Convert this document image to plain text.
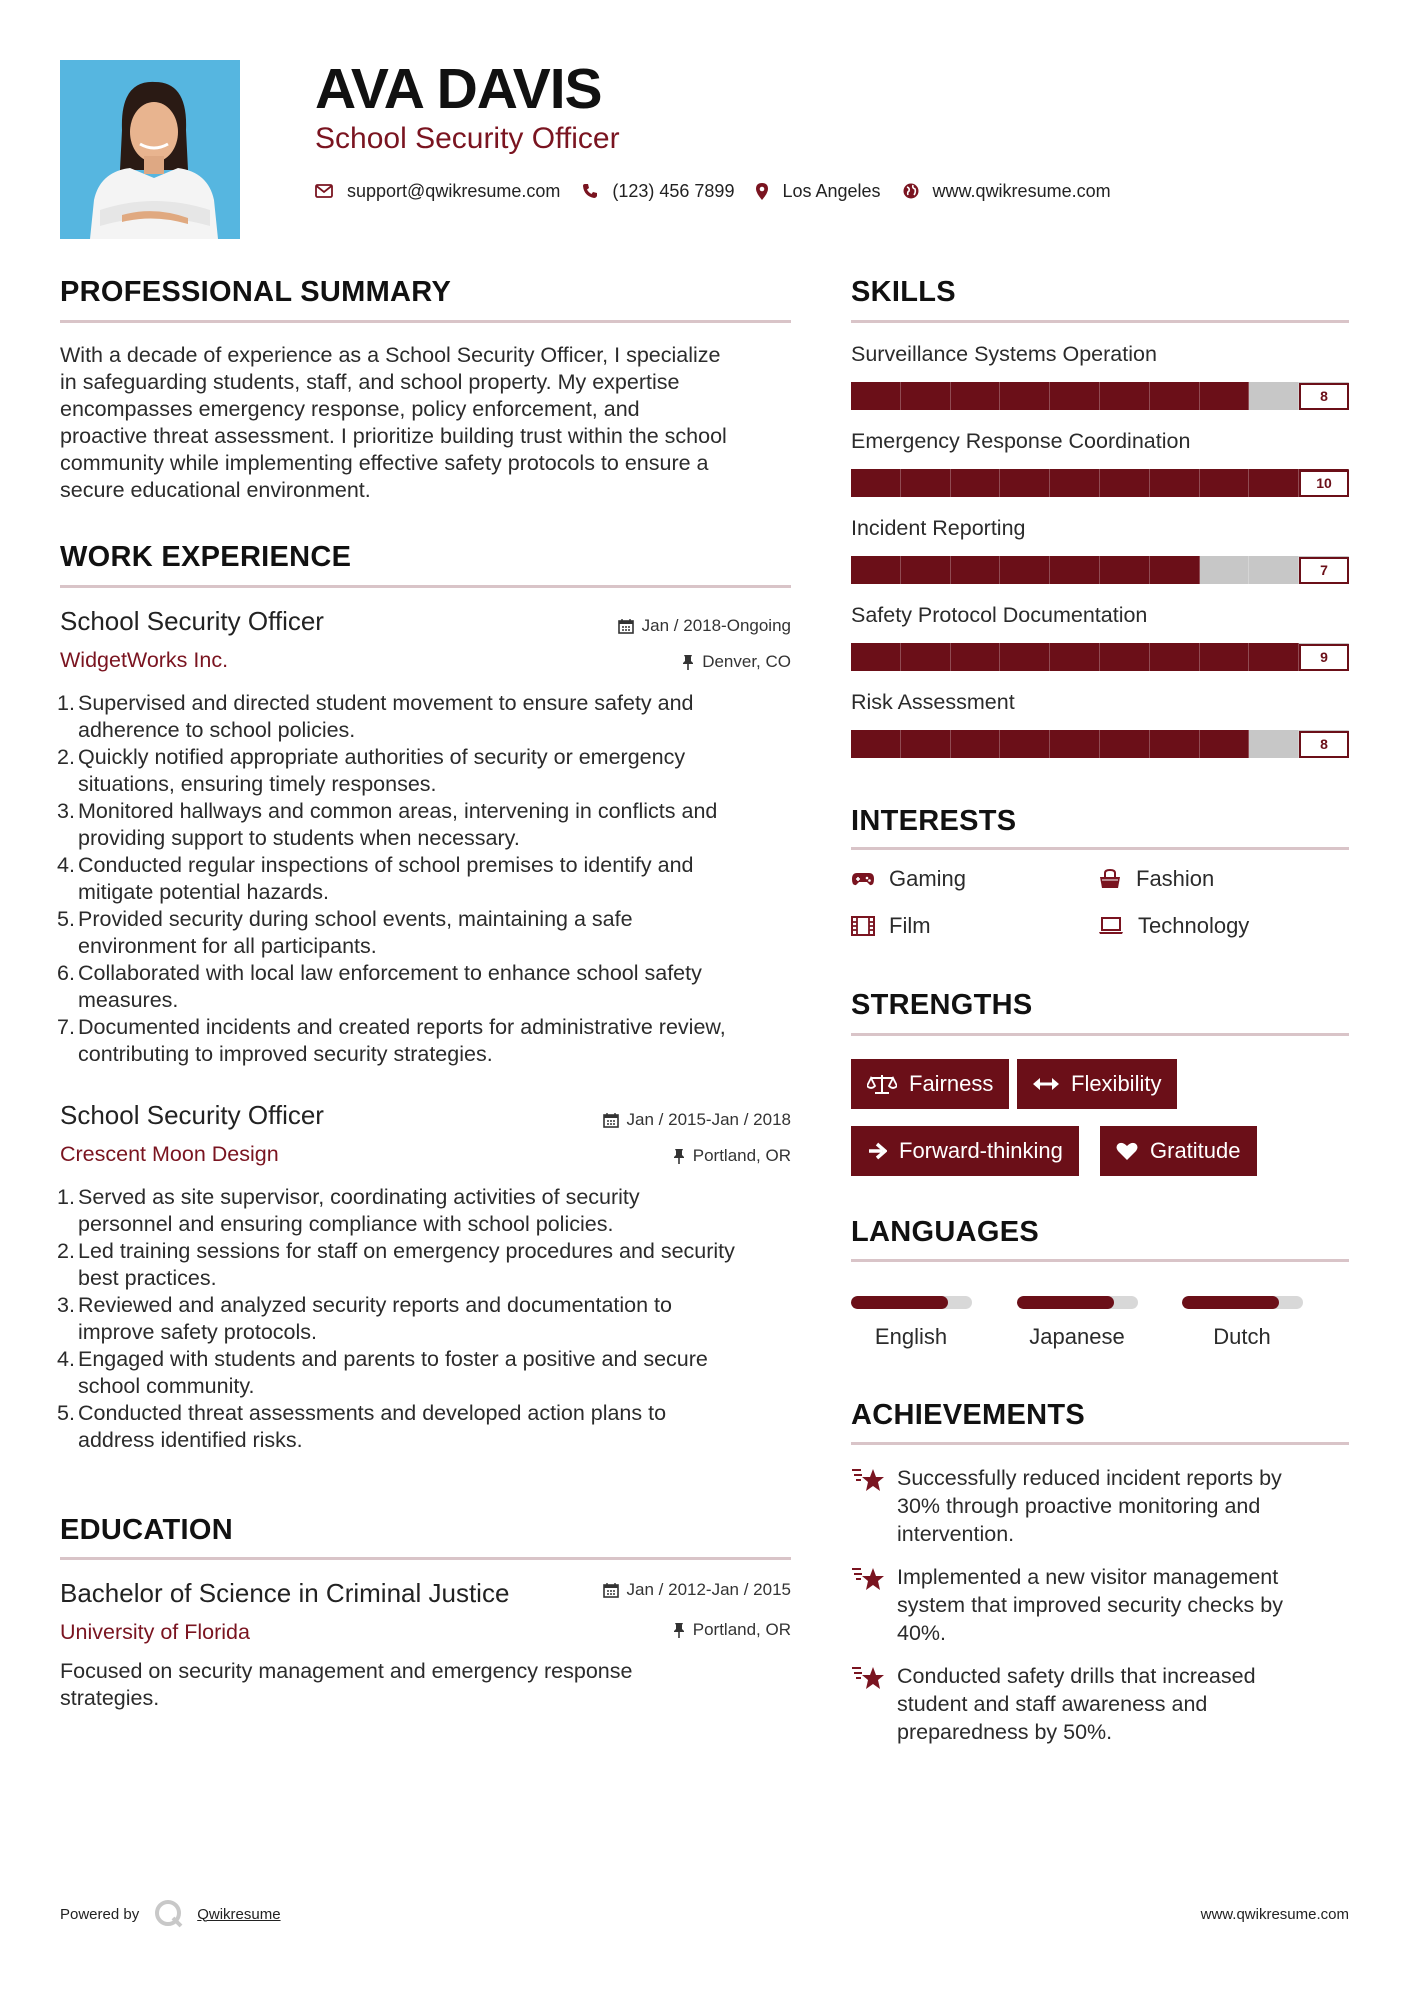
AVA DAVIS
School Security Officer
support@qwikresume.com	(123) 456 7899	Los Angeles	www.qwikresume.com
PROFESSIONAL SUMMARY
With a decade of experience as a School Security Officer, I specialize
in safeguarding students, staff, and school property. My expertise
encompasses emergency response, policy enforcement, and
proactive threat assessment. I prioritize building trust within the school
community while implementing effective safety protocols to ensure a
secure educational environment.
WORK EXPERIENCE
School Security Officer
WidgetWorks Inc.
Jan / 2018-Ongoing
Denver, CO
1. Supervised and directed student movement to ensure safety and
adherence to school policies.
2. Quickly notified appropriate authorities of security or emergency
situations, ensuring timely responses.
3. Monitored hallways and common areas, intervening in conflicts and
providing support to students when necessary.
4. Conducted regular inspections of school premises to identify and
mitigate potential hazards.
5. Provided security during school events, maintaining a safe
environment for all participants.
6. Collaborated with local law enforcement to enhance school safety
measures.
7. Documented incidents and created reports for administrative review,
contributing to improved security strategies.
School Security Officer
Crescent Moon Design
Jan / 2015-Jan / 2018
Portland, OR
1. Served as site supervisor, coordinating activities of security
personnel and ensuring compliance with school policies.
2. Led training sessions for staff on emergency procedures and security
best practices.
3. Reviewed and analyzed security reports and documentation to
improve safety protocols.
4. Engaged with students and parents to foster a positive and secure
school community.
5. Conducted threat assessments and developed action plans to
address identified risks.
EDUCATION
Bachelor of Science in Criminal Justice
University of Florida
Jan / 2012-Jan / 2015
Portland, OR
Focused on security management and emergency response
strategies.
SKILLS
Surveillance Systems Operation
8
Emergency Response Coordination
10
Incident Reporting
7
Safety Protocol Documentation
9
Risk Assessment
8
INTERESTS
Gaming	Fashion
Film	Technology
STRENGTHS
Fairness	Flexibility
Forward-thinking	Gratitude
LANGUAGES
English	Japanese	Dutch
ACHIEVEMENTS
Successfully reduced incident reports by
30% through proactive monitoring and
intervention.
Implemented a new visitor management
system that improved security checks by
40%.
Conducted safety drills that increased
student and staff awareness and
preparedness by 50%.
Powered by	Qwikresume	www.qwikresume.com
